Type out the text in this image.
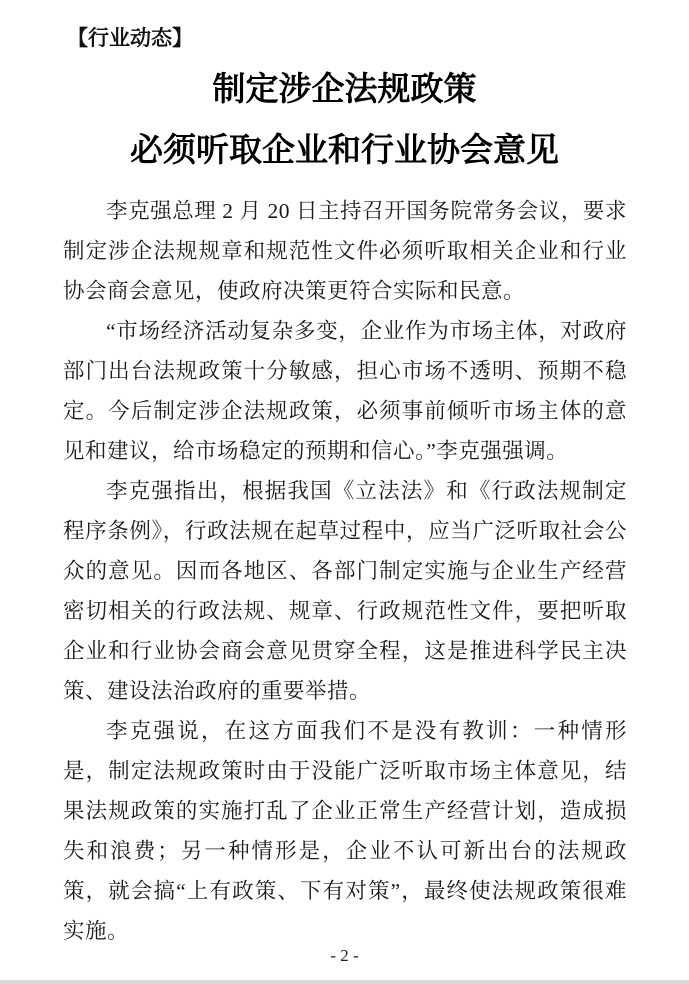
【行业动态】
制定涉企法规政策
必须听取企业和行业协会意见

李克强总理 2 月 20 日主持召开国务院常务会议，要求制定涉企法规规章和规范性文件必须听取相关企业和行业协会商会意见，使政府决策更符合实际和民意。

“市场经济活动复杂多变，企业作为市场主体，对政府部门出台法规政策十分敏感，担心市场不透明、预期不稳定。今后制定涉企法规政策，必须事前倾听市场主体的意见和建议，给市场稳定的预期和信心。”李克强强调。

李克强指出，根据我国《立法法》和《行政法规制定程序条例》，行政法规在起草过程中，应当广泛听取社会公众的意见。因而各地区、各部门制定实施与企业生产经营密切相关的行政法规、规章、行政规范性文件，要把听取企业和行业协会商会意见贯穿全程，这是推进科学民主决策、建设法治政府的重要举措。

李克强说，在这方面我们不是没有教训：一种情形是，制定法规政策时由于没能广泛听取市场主体意见，结果法规政策的实施打乱了企业正常生产经营计划，造成损失和浪费；另一种情形是，企业不认可新出台的法规政策，就会搞“上有政策、下有对策”，最终使法规政策很难实施。

- 2 -
